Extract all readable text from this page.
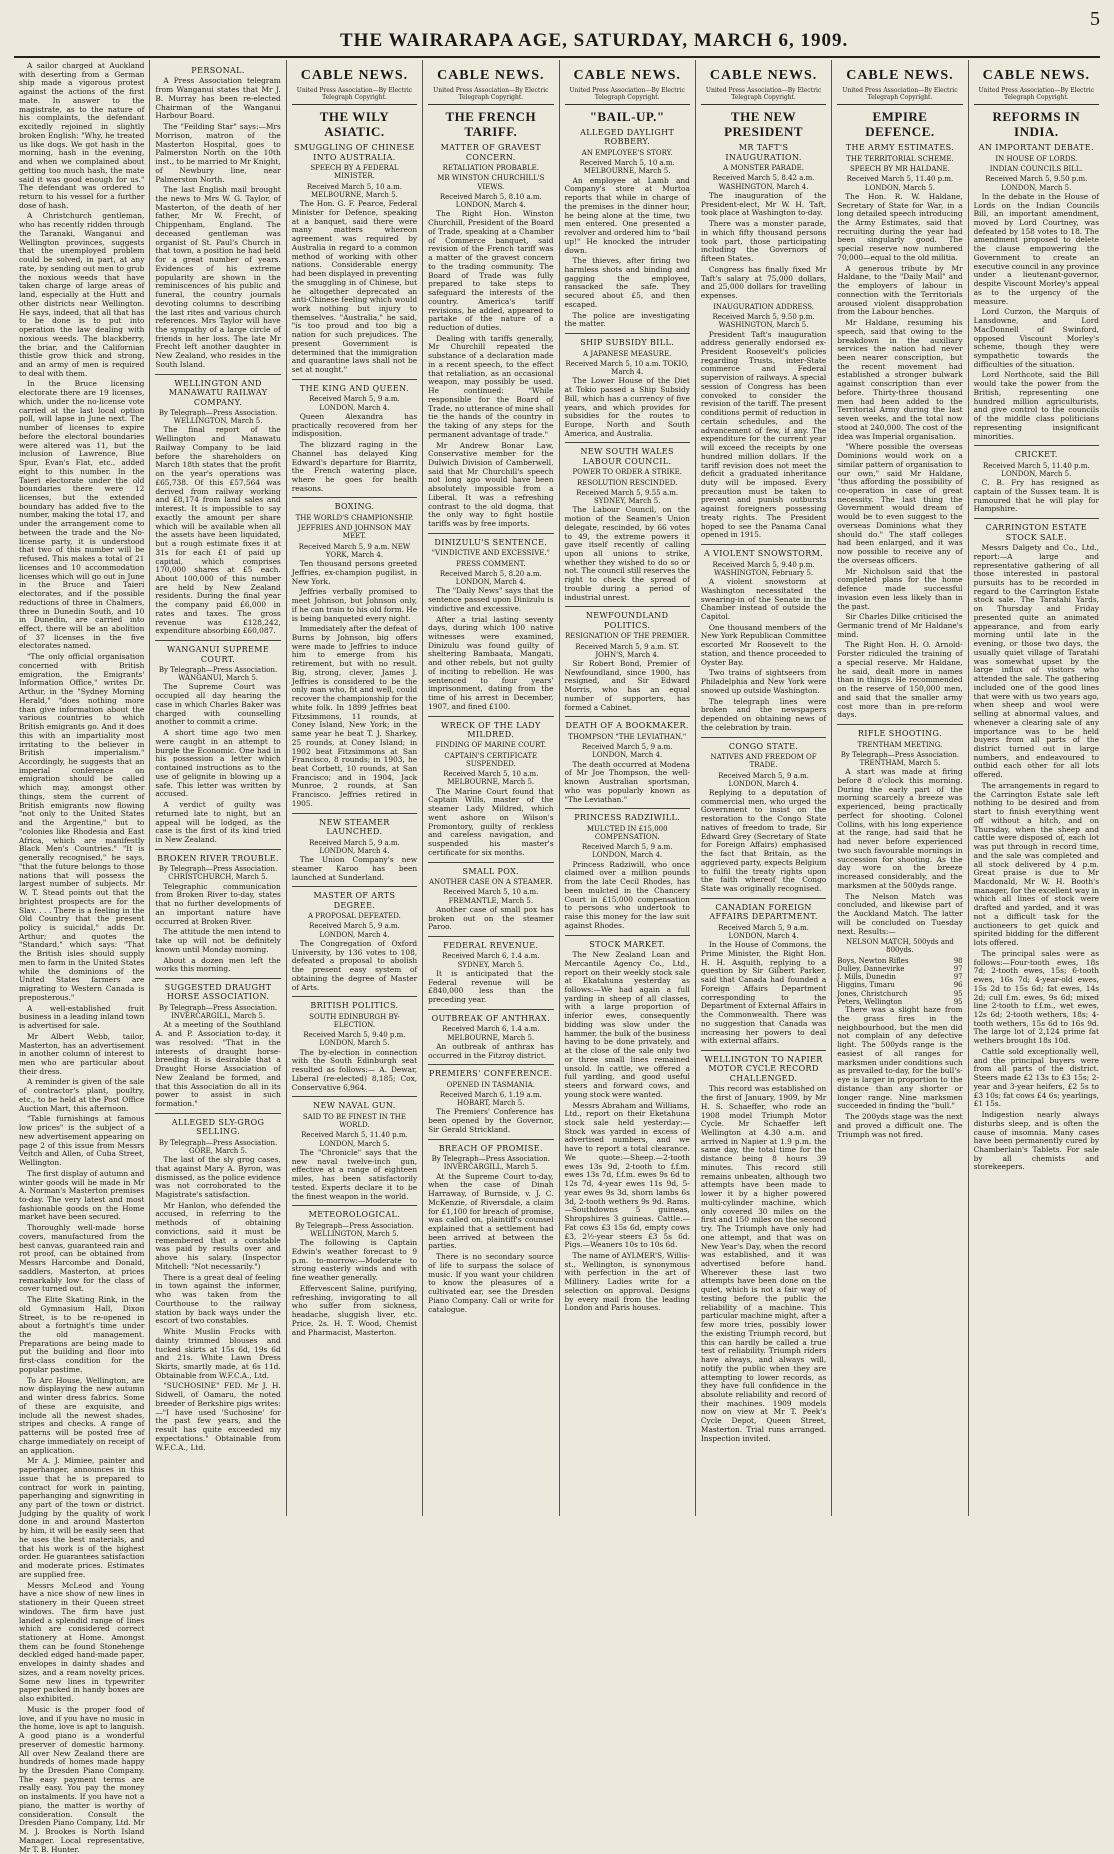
THE WAIRARAPA AGE, SATURDAY, MARCH 6, 1909.
5

A sailor charged at Auckland with deserting from a German ship made a vigorous protest against the actions of the first mate. In answer to the magistrate, as to the nature of his complaints, the defendant excitedly rejoined in slightly broken English: "Why, he treated us like dogs. We got hash in the morning, hash in the evening, and when we complained about getting too much hash, the mate said it was good enough for us." The defendant was ordered to return to his vessel for a further dose of hash.

A Christchurch gentleman, who has recently ridden through the Taranaki, Wanganui and Wellington provinces, suggests that the unemployed problem could be solved, in part, at any rate, by sending out men to grub the noxious weeds that have taken charge of large areas of land, especially at the Hutt and other districts near Wellington. He says, indeed, that all that has to be done is to put into operation the law dealing with noxious weeds. The blackberry, the briar, and the Californian thistle grow thick and strong, and an army of men is required to deal with them.

In the Bruce licensing electorate there are 19 licenses, which, under the no-license vote carried at the last local option poll, will lapse in June next. The number of licenses to expire before the electoral boundaries were altered was 11, but the inclusion of Lawrence, Blue Spur, Evan's Flat, etc., added eight to this number. In the Taieri electorate under the old boundaries there were 12 licenses, but the extended boundary has added five to the number, making the total 17, and under the arrangement come to between the trade and the No-license party, it is understood that two of this number will be refused. This makes a total of 21 licenses and 10 accommodation licenses which will go out in June in the Bruce and Taieri electorates, and if the possible reductions of three in Chalmers, three in Dunedin South, and 10 in Dunedin, are carried into effect, there will be an abolition of 37 licenses in the five electorates named.

"The only official organisation concerned with British emigration, the Emigrants' Information Office," writes Dr. Arthur, in the "Sydney Morning Herald," "does nothing more than give information about the various countries to which British emigrants go. And it does this with an impartiality most irritating to the believer in British imperialism." Accordingly, he suggests that an imperial conference on emigration should be called which may, amongst other things, stem the current of British emigrants now flowing "not only to the United States and the Argentine," but to "colonies like Rhodesia and East Africa, which are manifestly Black Men's Countries." "It is generally recognised," he says, "that the future belongs to those nations that will possess the largest number of subjects. Mr W. T. Stead points out that the brightest prospects are for the Slav. . . . There is a feeling in the Old Country that the present policy is suicidal," adds Dr. Arthur; and quotes the "Standard," which says: "That the British isles should supply men to farm in the United States while the dominions of the United States farmers are migrating to Western Canada is preposterous."

A well-established fruit business in a leading inland town is advertised for sale.

Mr Albert Webb, tailor, Masterton, has an advertisement in another column of interest to men who are particular about their dress.

A reminder is given of the sale of contractor's plant, poultry, etc., to be held at the Post Office Auction Mart, this afternoon.

"Table furnishings at famous low prices" is the subject of a new advertisement appearing on page 2 of this issue from Messrs Veitch and Allen, of Cuba Street, Wellington.

The first display of autumn and winter goods will be made in Mr A. Norman's Masterton premises to-day. The very latest and most fashionable goods on the Home market have been secured.

Thoroughly well-made horse covers, manufactured from the best canvas, guaranteed rain and rot proof, can be obtained from Messrs Harcombe and Donald, saddlers, Masterton, at prices remarkably low for the class of cover turned out.

The Elite Skating Rink, in the old Gymnasium Hall, Dixon Street, is to be re-opened in about a fortnight's time under the old management. Preparations are being made to put the building and floor into first-class condition for the popular pastime.

To Arc House, Wellington, are now displaying the new autumn and winter dress fabrics. Some of these are exquisite, and include all the newest shades, stripes and checks. A range of patterns will be posted free of charge immediately on receipt of an application.

Mr A. J. Mimiee, painter and paperhanger, announces in this issue that he is prepared to contract for work in painting, paperhanging and signwriting in any part of the town or district. Judging by the quality of work done in and around Masterton by him, it will be easily seen that he uses the best materials, and that his work is of the highest order. He guarantees satisfaction and moderate prices. Estimates are supplied free.

Messrs McLeod and Young have a nice show of new lines in stationery in their Queen street windows. The firm have just landed a splendid range of lines which are considered correct stationery at Home. Amongst them can be found Stonehenge deckled edged hand-made paper, envelopes in dainty shades and sizes, and a ream novelty prices. Some new lines in typewriter paper packed in handy boxes are also exhibited.

Music is the proper food of love, and if you have no music in the home, love is apt to languish. A good piano is a wonderful preserver of domestic harmony. All over New Zealand there are hundreds of homes made happy by the Dresden Piano Company. The easy payment terms are really easy. You pay the money on instalments. If you have not a piano, the matter is worthy of consideration. Consult the Dresden Piano Company, Ltd. Mr M. J. Brookes is North Island Manager. Local representative, Mr T. B. Hunter.

PERSONAL.

A Press Association telegram from Wanganui states that Mr J. B. Murray has been re-elected Chairman of the Wanganui Harbour Board.

The "Feilding Star" says:—Mrs Morrison, matron of the Masterton Hospital, goes to Palmerston North on the 10th inst., to be married to Mr Knight, of Newbury line, near Palmerston North.

The last English mail brought the news to Mrs W. G. Taylor, of Masterton, of the death of her father, Mr W. Frecht, of Chippenham, England. The deceased gentleman was organist of St. Paul's Church in that town, a position he had held for a great number of years. Evidences of his extreme popularity are shown in the reminiscences of his public and funeral, the country journals devoting columns to describing the last rites and various church references. Mrs Taylor will have the sympathy of a large circle of friends in her loss. The late Mr Frecht left another daughter in New Zealand, who resides in the South Island.

WELLINGTON AND MANAWATU RAILWAY COMPANY.
By Telegraph—Press Association. WELLINGTON, March 5.

The final report of the Wellington and Manawatu Railway Company to be laid before the shareholders on March 18th states that the profit on the year's operations was £65,738. Of this £57,564 was derived from railway working and £8,174 from land sales and interest. It is impossible to say exactly the amount per share which will be available when all the assets have been liquidated, but a rough estimate fixes it at 31s for each £1 of paid up capital, which comprises 170,000 shares at £5 each. About 100,000 of this number are held by New Zealand residents. During the final year the company paid £6,000 in rates and taxes. The gross revenue was £128,242, expenditure absorbing £60,087.

WANGANUI SUPREME COURT.
By Telegraph—Press Association. WANGANUI, March 5.

The Supreme Court was occupied all day hearing the case in which Charles Baker was charged with counselling another to commit a crime.

A short time ago two men were caught in an attempt to burgle the Economic. One had in his possession a letter which contained instructions as to the use of gelignite in blowing up a safe. This letter was written by accused.

A verdict of guilty was returned late to night, but an appeal will be lodged, as the case is the first of its kind tried in New Zealand.

BROKEN RIVER TROUBLE.
By Telegraph—Press Association. CHRISTCHURCH, March 5.

Telegraphic communication from Broken River to-day, states that no further developments of an important nature have occurred at Broken River.

The attitude the men intend to take up will not be definitely known until Monday morning.

About a dozen men left the works this morning.

SUGGESTED DRAUGHT HORSE ASSOCIATION.
By Telegraph—Press Association. INVERCARGILL, March 5.

At a meeting of the Southland A. and P. Association to-day, it was resolved: "That in the interests of draught horse-breeding it is desirable that a Draught Horse Association of New Zealand be formed, and that this Association do all in its power to assist in such formation."

ALLEGED SLY-GROG SELLING.
By Telegraph—Press Association. GORE, March 5.

The last of the sly grog cases, that against Mary A. Byron, was dismissed, as the police evidence was not corroborated to the Magistrate's satisfaction.

Mr Hanlon, who defended the accused, in referring to the methods of obtaining convictions, said it must be remembered that a constable was paid by results over and above his salary. (Inspector Mitchell: "Not necessarily.")

There is a great deal of feeling in town against the informer, who was taken from the Courthouse to the railway station by back ways under the escort of two constables.

White Muslin Frocks with dainty trimmed blouses and tucked skirts at 15s 6d, 19s 6d and 21s. White Lawn Dress Skirts, smartly made, at 6s 11d. Obtainable from W.F.C.A., Ltd.

"SUCHOSINE" FED. Mr J. H. Sidwell, of Oamaru, the noted breeder of Berkshire pigs writes:—"I have used 'Suchosine' for the past few years, and the result has quite exceeded my expectations." Obtainable from W.F.C.A., Ltd.

CABLE NEWS.
United Press Association—By Electric Telegraph Copyright.
THE WILY ASIATIC.
SMUGGLING OF CHINESE INTO AUSTRALIA.
SPEECH BY A FEDERAL MINISTER.
Received March 5, 10 a.m. MELBOURNE, March 5.

The Hon. G. F. Pearce, Federal Minister for Defence, speaking at a banquet, said there were many matters whereon agreement was required by Australia in regard to a common method of working with other nations. Considerable energy had been displayed in preventing the smuggling in of Chinese, but he altogether deprecated an anti-Chinese feeling which would work nothing but injury to themselves. "Australia," he said, "is too proud and too big a nation for such prejudices. The present Government is determined that the immigration and quarantine laws shall not be set at nought."

THE KING AND QUEEN.
Received March 5, 9 a.m. LONDON, March 4.

Queen Alexandra has practically recovered from her indisposition.

The blizzard raging in the Channel has delayed King Edward's departure for Biarritz, the French watering place, where he goes for health reasons.

BOXING.
THE WORLD'S CHAMPIONSHIP.
JEFFRIES AND JOHNSON MAY MEET.
Received March 5, 9 a.m. NEW YORK, March 4.

Ten thousand persons greeted Jeffries, ex-champion pugilist, in New York.

Jeffries verbally promised to meet Johnson, but Johnson only, if he can train to his old form. He is being banqueted every night.

Immediately after the defeat of Burns by Johnson, big offers were made to Jeffries to induce him to emerge from his retirement, but with no result. Big, strong, clever, James J. Jeffries is considered to be the only man who, fit and well, could recover the championship for the white folk. In 1899 Jeffries beat Fitzsimmons, 11 rounds, at Coney Island, New York; in the same year he beat T. J. Sharkey, 25 rounds, at Coney Island; in 1902 beat Fitzsimmons at San Francisco, 8 rounds; in 1903, he beat Corbett, 10 rounds, at San Francisco; and in 1904, Jack Munroe, 2 rounds, at San Francisco. Jeffries retired in 1905.

NEW STEAMER LAUNCHED.
Received March 5, 9 a.m. LONDON, March 4.

The Union Company's new steamer Karoo has been launched at Sunderland.

MASTER OF ARTS DEGREE.
A PROPOSAL DEFEATED.
Received March 5, 9 a.m. LONDON, March 4.

The Congregation of Oxford University, by 136 votes to 108, defeated a proposal to abolish the present easy system of obtaining the degree of Master of Arts.

BRITISH POLITICS.
SOUTH EDINBURGH BY-ELECTION.
Received March 5, 9.40 p.m. LONDON, March 5.

The by-election in connection with the South Edinburgh seat resulted as follows:— A. Dewar, Liberal (re-elected) 8,185; Cox, Conservative 6,964.

NEW NAVAL GUN.
SAID TO BE FINEST IN THE WORLD.
Received March 5, 11.40 p.m. LONDON, March 5.

The "Chronicle" says that the new naval twelve-inch gun, effective at a range of eighteen miles, has been satisfactorily tested. Experts declare it to be the finest weapon in the world.

METEOROLOGICAL.
By Telegraph—Press Association. WELLINGTON, March 5.

The following is Captain Edwin's weather forecast to 9 p.m. to-morrow:—Moderate to strong easterly winds and with fine weather generally.

Effervescent Saline, purifying, refreshing, invigorating to all who suffer from sickness, headache, sluggish liver, etc. Price, 2s. H. T. Wood, Chemist and Pharmacist, Masterton.

CABLE NEWS.
United Press Association—By Electric Telegraph Copyright.
THE FRENCH TARIFF.
MATTER OF GRAVEST CONCERN.
RETALIATION PROBABLE.
MR WINSTON CHURCHILL'S VIEWS.
Received March 5, 8.10 a.m. LONDON, March 4.

The Right Hon. Winston Churchill, President of the Board of Trade, speaking at a Chamber of Commerce banquet, said revision of the French tariff was a matter of the gravest concern to the trading community. The Board of Trade was fully prepared to take steps to safeguard the interests of the country. America's tariff revisions, he added, appeared to partake of the nature of a reduction of duties.

Dealing with tariffs generally, Mr Churchill repeated the substance of a declaration made in a recent speech, to the effect that retaliation, as an occasional weapon, may possibly be used. He continued: "While responsible for the Board of Trade, no utterance of mine shall tie the hands of the country in the taking of any steps for the permanent advantage of trade."

Mr Andrew Bonar Law, Conservative member for the Dulwich Division of Camberwell, said that Mr Churchill's speech not long ago would have been absolutely impossible from a Liberal. It was a refreshing contrast to the old dogma, that the only way to fight hostile tariffs was by free imports.

DINIZULU'S SENTENCE.
"VINDICTIVE AND EXCESSIVE."
PRESS COMMENT.
Received March 5, 8.20 a.m. LONDON, March 4.

The "Daily News" says that the sentence passed upon Dinizulu is vindictive and excessive.

After a trial lasting seventy days, during which 100 native witnesses were examined, Dinizulu was found guilty of sheltering Bambaata, Mangati, and other rebels, but not guilty of inciting to rebellion. He was sentenced to four years' imprisonment, dating from the time of his arrest in December, 1907, and fined £100.

WRECK OF THE LADY MILDRED.
FINDING OF MARINE COURT.
CAPTAIN'S CERTIFICATE SUSPENDED.
Received March 5, 10 a.m. MELBOURNE, March 5.

The Marine Court found that Captain Wills, master of the steamer Lady Mildred, which went ashore on Wilson's Promontory, guilty of reckless and careless navigation, and suspended his master's certificate for six months.

SMALL POX.
ANOTHER CASE ON A STEAMER.
Received March 5, 10 a.m. FREMANTLE, March 5.

Another case of small pox has broken out on the steamer Paroo.

FEDERAL REVENUE.
Received March 6, 1.4 a.m. SYDNEY, March 5.

It is anticipated that the Federal revenue will be £840,000 less than the preceding year.

OUTBREAK OF ANTHRAX.
Received March 6, 1.4 a.m. MELBOURNE, March 5.

An outbreak of anthrax has occurred in the Fitzroy district.

PREMIERS' CONFERENCE.
OPENED IN TASMANIA.
Received March 6, 1.19 a.m. HOBART, March 5.

The Premiers' Conference has been opened by the Governor, Sir Gerald Strickland.

BREACH OF PROMISE.
By Telegraph—Press Association. INVERCARGILL, March 5.

At the Supreme Court to-day, when the case of Dinah Harraway, of Burnside, v. J. C. McKenzie, of Riversdale, a claim for £1,100 for breach of promise, was called on, plaintiff's counsel explained that a settlement had been arrived at between the parties.

There is no secondary source of life to surpass the solace of music. If you want your children to know the pleasures of a cultivated ear, see the Dresden Piano Company. Call or write for catalogue.

CABLE NEWS.
United Press Association—By Electric Telegraph Copyright.
"BAIL-UP."
ALLEGED DAYLIGHT ROBBERY.
AN EMPLOYEE'S STORY.
Received March 5, 10 a.m. MELBOURNE, March 5.

An employee at Lamb and Company's store at Murtoa reports that while in charge of the premises in the dinner hour, he being alone at the time, two men entered. One presented a revolver and ordered him to "bail up!" He knocked the intruder down.

The thieves, after firing two harmless shots and binding and gagging the employee, ransacked the safe. They secured about £5, and then escaped.

The police are investigating the matter.

SHIP SUBSIDY BILL.
A JAPANESE MEASURE.
Received March 5, 10 a.m. TOKIO, March 4.

The Lower House of the Diet at Tokio passed a Ship Subsidy Bill, which has a currency of five years, and which provides for subsidies for the routes to Europe, North and South America, and Australia.

NEW SOUTH WALES LABOUR COUNCIL.
POWER TO ORDER A STRIKE.
RESOLUTION RESCINDED.
Received March 5, 9.55 a.m. SYDNEY, March 5.

The Labour Council, on the motion of the Seamen's Union delegate, rescinded, by 66 votes to 49, the extreme powers it gave itself recently of calling upon all unions to strike, whether they wished to do so or not. The council still reserves the right to check the spread of trouble during a period of industrial unrest.

NEWFOUNDLAND POLITICS.
RESIGNATION OF THE PREMIER.
Received March 5, 9 a.m. ST. JOHN'S, March 4.

Sir Robert Bond, Premier of Newfoundland, since 1900, has resigned, and Sir Edward Morris, who has an equal number of supporters, has formed a Cabinet.

DEATH OF A BOOKMAKER.
THOMPSON "THE LEVIATHAN."
Received March 5, 9 a.m. LONDON, March 4.

The death occurred at Modena of Mr Joe Thompson, the well-known Australian sportsman, who was popularly known as "The Leviathan."

PRINCESS RADZIWILL.
MULCTED IN £15,000 COMPENSATION.
Received March 5, 9 a.m. LONDON, March 4.

Princess Radziwill, who once claimed over a million pounds from the late Cecil Rhodes, has been mulcted in the Chancery Court in £15,000 compensation to persons who undertook to raise this money for the law suit against Rhodes.

STOCK MARKET.

The New Zealand Loan and Mercantile Agency Co., Ltd., report on their weekly stock sale at Ekatahuna yesterday as follows:—We had again a full yarding in sheep of all classes, with a large proportion of inferior ewes, consequently bidding was slow under the hammer, the bulk of the business having to be done privately, and at the close of the sale only two or three small lines remained unsold. In cattle, we offered a full yarding, and good useful steers and forward cows, and young stock were wanted.

Messrs Abraham and Williams, Ltd., report on their Eketahuna stock sale held yesterday:—Stock was yarded in excess of advertised numbers, and we have to report a total clearance. We quote:—Sheep.—2-tooth ewes 13s 9d, 2-tooth to f.f.m. ewes 13s 7d, f.f.m. ewes 9s 6d to 12s 7d, 4-year ewes 11s 9d, 5-year ewes 9s 3d, shorn lambs 6s 3d, 2-tooth wethers 9s 9d. Rams.—Southdowns 5 guineas, Shropshires 3 guineas. Cattle.—Fat cows £3 15s 6d, empty cows £3, 2½-year steers £3 5s 6d. Pigs.—Weaners 10s to 10s 6d.

The name of AYLMER'S, Willis-st., Wellington, is synonymous with perfection in the art of Millinery. Ladies write for a selection on approval. Designs by every mail from the leading London and Paris houses.

CABLE NEWS.
United Press Association—By Electric Telegraph Copyright.
THE NEW PRESIDENT
MR TAFT'S INAUGURATION.
A MONSTER PARADE.
Received March 5, 8.42 a.m. WASHINGTON, March 4.

The inauguration of the President-elect, Mr W. H. Taft, took place at Washington to-day.

There was a monster parade, in which fifty thousand persons took part, those participating including the Governors of fifteen States.

Congress has finally fixed Mr Taft's salary at 75,000 dollars, and 25,000 dollars for travelling expenses.

INAUGURATION ADDRESS.
Received March 5, 9.50 p.m. WASHINGTON, March 5.

President Taft's inauguration address generally endorsed ex-President Roosevelt's policies regarding Trusts, inter-State commerce and Federal supervision of railways. A special session of Congress has been convoked to consider the revision of the tariff. The present conditions permit of reduction in certain schedules, and the advancement of few, if any. The expenditure for the current year will exceed the receipts by one hundred million dollars. If the tariff revision does not meet the deficit a graduated inheritance duty will be imposed. Every precaution must be taken to prevent and punish outbursts against foreigners possessing treaty rights. The President hoped to see the Panama Canal opened in 1915.

A VIOLENT SNOWSTORM.
Received March 5, 9.40 p.m. WASHINGTON, February 5.

A violent snowstorm at Washington necessitated the swearing-in of the Senate in the Chamber instead of outside the Capitol.

One thousand members of the New York Republican Committee escorted Mr Roosevelt to the station, and thence proceeded to Oyster Bay.

Two trains of sightseers from Philadelphia and New York were snowed up outside Washington.

The telegraph lines were broken and the newspapers depended on obtaining news of the celebration by train.

CONGO STATE.
NATIVES AND FREEDOM OF TRADE.
Received March 5, 9 a.m. LONDON, March 4.

Replying to a deputation of commercial men, who urged the Government to insist on the restoration to the Congo State natives of freedom to trade, Sir Edward Grey (Secretary of State for Foreign Affairs) emphasised the fact that Britain, as the aggrieved party, expects Belgium to fulfil the treaty rights upon the faith whereof the Congo State was originally recognised.

CANADIAN FOREIGN AFFAIRS DEPARTMENT.
Received March 5, 9 a.m. LONDON, March 4.

In the House of Commons, the Prime Minister, the Right Hon. H. H. Asquith, replying to a question by Sir Gilbert Parker, said that Canada had founded a Foreign Affairs Department corresponding to the Department of External Affairs in the Commonwealth. There was no suggestion that Canada was increasing her powers to deal with external affairs.

WELLINGTON TO NAPIER MOTOR CYCLE RECORD CHALLENGED.

This record was established on the first of January, 1909, by Mr H. S. Schaeffer, who rode an 1908 model Triumph Motor Cycle. Mr Schaeffer left Wellington at 4.30 a.m. and arrived in Napier at 1.9 p.m. the same day, the total time for the distance being 8 hours 39 minutes. This record still remains unbeaten, although two attempts have been made to lower it by a higher powered multi-cylinder machine, which only covered 30 miles on the first and 150 miles on the second try. The Triumph have only had one attempt, and that was on New Year's Day, when the record was established, and it was advertised before hand. Wherever these last two attempts have been done on the quiet, which is not a fair way of testing before the public the reliability of a machine. This particular machine might, after a few more tries, possibly lower the existing Triumph record, but this can hardly be called a true test of reliability. Triumph riders have always, and always will, notify the public when they are attempting to lower records, as they have full confidence in the absolute reliability and record of their machines. 1909 models now on view at Mr T. Peek's Cycle Depot, Queen Street, Masterton. Trial runs arranged. Inspection invited.

CABLE NEWS.
United Press Association—By Electric Telegraph Copyright.
EMPIRE DEFENCE.
THE ARMY ESTIMATES.
THE TERRITORIAL SCHEME.
SPEECH BY MR HALDANE.
Received March 5, 11.40 p.m. LONDON, March 5.

The Hon. R. W. Haldane, Secretary of State for War, in a long detailed speech introducing the Army Estimates, said that recruiting during the year had been singularly good. The special reserve now numbered 70,000—equal to the old militia.

A generous tribute by Mr Haldane, to the "Daily Mail" and the employers of labour in connection with the Territorials aroused violent disapprobation from the Labour benches.

Mr Haldane, resuming his speech, said that owing to the breakdown in the auxiliary services the nation had never been nearer conscription, but the recent movement had established a stronger bulwark against conscription than ever before. Thirty-three thousand men had been added to the Territorial Army during the last seven weeks, and the total now stood at 240,000. The cost of the idea was Imperial organisation.

"Where possible the overseas Dominions would work on a similar pattern of organisation to our own," said Mr Haldane, "thus affording the possibility of co-operation in case of great necessity. The last thing the Government would dream of would be to even suggest to the overseas Dominions what they should do." The staff colleges had been enlarged, and it was now possible to receive any of the overseas officers.

Mr Nicholson said that the completed plans for the home defence made successful invasion even less likely than in the past.

Sir Charles Dilke criticised the Germanic trend of Mr Haldane's mind.

The Right Hon. H. O. Arnold-Forster ridiculed the training of a special reserve. Mr Haldane, he said, dealt more in names than in things. He recommended on the reserve of 150,000 men, and said that the smaller army cost more than in pre-reform days.

RIFLE SHOOTING.
TRENTHAM MEETING.
By Telegraph—Press Association. TRENTHAM, March 5.

A start was made at firing before 8 o'clock this morning. During the early part of the morning scarcely a breeze was experienced, being practically perfect for shooting. Colonel Collins, with his long experience at the range, had said that he had never before experienced two such favourable mornings in succession for shooting. As the day wore on the breeze increased considerably, and the marksmen at the 500yds range.

The Nelson Match was concluded, and likewise part of the Auckland Match. The latter will be concluded on Tuesday next. Results:—

NELSON MATCH, 500yds and 800yds.
Boys, Newton Rifles	98
Dulley, Dannevirke	97
J. Mills, Dunedin	97
Higgins, Timaru	96
Jones, Christchurch	95
Peters, Wellington	95

There was a slight haze from the grass fires in the neighbourhood, but the men did not complain of any defective light. The 500yds range is the easiest of all ranges for marksmen under conditions such as prevailed to-day, for the bull's-eye is larger in proportion to the distance than any shorter or longer range. Nine marksmen succeeded in finding the "bull."

The 200yds stage was the next and proved a difficult one. The Triumph was not fired.

CABLE NEWS.
United Press Association—By Electric Telegraph Copyright.
REFORMS IN INDIA.
AN IMPORTANT DEBATE.
IN HOUSE OF LORDS.
INDIAN COUNCILS BILL.
Received March 5, 9.50 p.m. LONDON, March 5.

In the debate in the House of Lords on the Indian Councils Bill, an important amendment, moved by Lord Courtney, was defeated by 158 votes to 18. The amendment proposed to delete the clause empowering the Government to create an executive council in any province under a lieutenant-governor, despite Viscount Morley's appeal as to the urgency of the measure.

Lord Curzon, the Marquis of Lansdowne, and Lord MacDonnell of Swinford, opposed Viscount Morley's scheme, though they were sympathetic towards the difficulties of the situation.

Lord Northcote, said the Bill would take the power from the British, representing one hundred million agriculturists, and give control to the councils of the middle class politicians representing insignificant minorities.

CRICKET.
Received March 5, 11.40 p.m. LONDON, March 5.

C. B. Fry has resigned as captain of the Sussex team. It is rumoured that he will play for Hampshire.

CARRINGTON ESTATE STOCK SALE.

Messrs Dalgety and Co., Ltd., report:—A large and representative gathering of all those interested in pastoral pursuits has to be recorded in regard to the Carrington Estate stock sale. The Taratahi Yards, on Thursday and Friday presented quite an animated appearance, and from early morning until late in the evening, or those two days, the usually quiet village of Taratahi was somewhat upset by the large influx of visitors who attended the sale. The gathering included one of the good lines that were with us two years ago, when sheep and wool were selling at abnormal values, and whenever a clearing sale of any importance was to be held buyers from all parts of the district turned out in large numbers, and endeavoured to outbid each other for all lots offered.

The arrangements in regard to the Carrington Estate sale left nothing to be desired and from start to finish everything went off without a hitch, and on Thursday, when the sheep and cattle were disposed of, each lot was put through in record time, and the sale was completed and all stock delivered by 4 p.m. Great praise is due to Mr Macdonald, Mr W. H. Booth's manager, for the excellent way in which all lines of stock were drafted and yarded, and it was not a difficult task for the auctioneers to get quick and spirited bidding for the different lots offered.

The principal sales were as follows:—Four-tooth ewes, 18s 7d; 2-tooth ewes, 15s; 6-tooth ewes, 16s 7d; 4-year-old ewes, 15s 2d to 15s 6d; fat ewes, 14s 2d; cull f.m. ewes, 9s 6d; mixed line 2-tooth to f.f.m., wet ewes, 12s 6d; 2-tooth wethers, 18s; 4-tooth wethers, 15s 6d to 16s 9d. The large lot of 2,124 prime fat wethers brought 18s 10d.

Cattle sold exceptionally well, and the principal buyers were from all parts of the district. Steers made £2 13s to £3 15s; 2-year and 3-year heifers, £2 5s to £3 10s; fat cows £4 6s; yearlings, £1 15s.

Indigestion nearly always disturbs sleep, and is often the cause of insomnia. Many cases have been permanently cured by Chamberlain's Tablets. For sale by all chemists and storekeepers.
